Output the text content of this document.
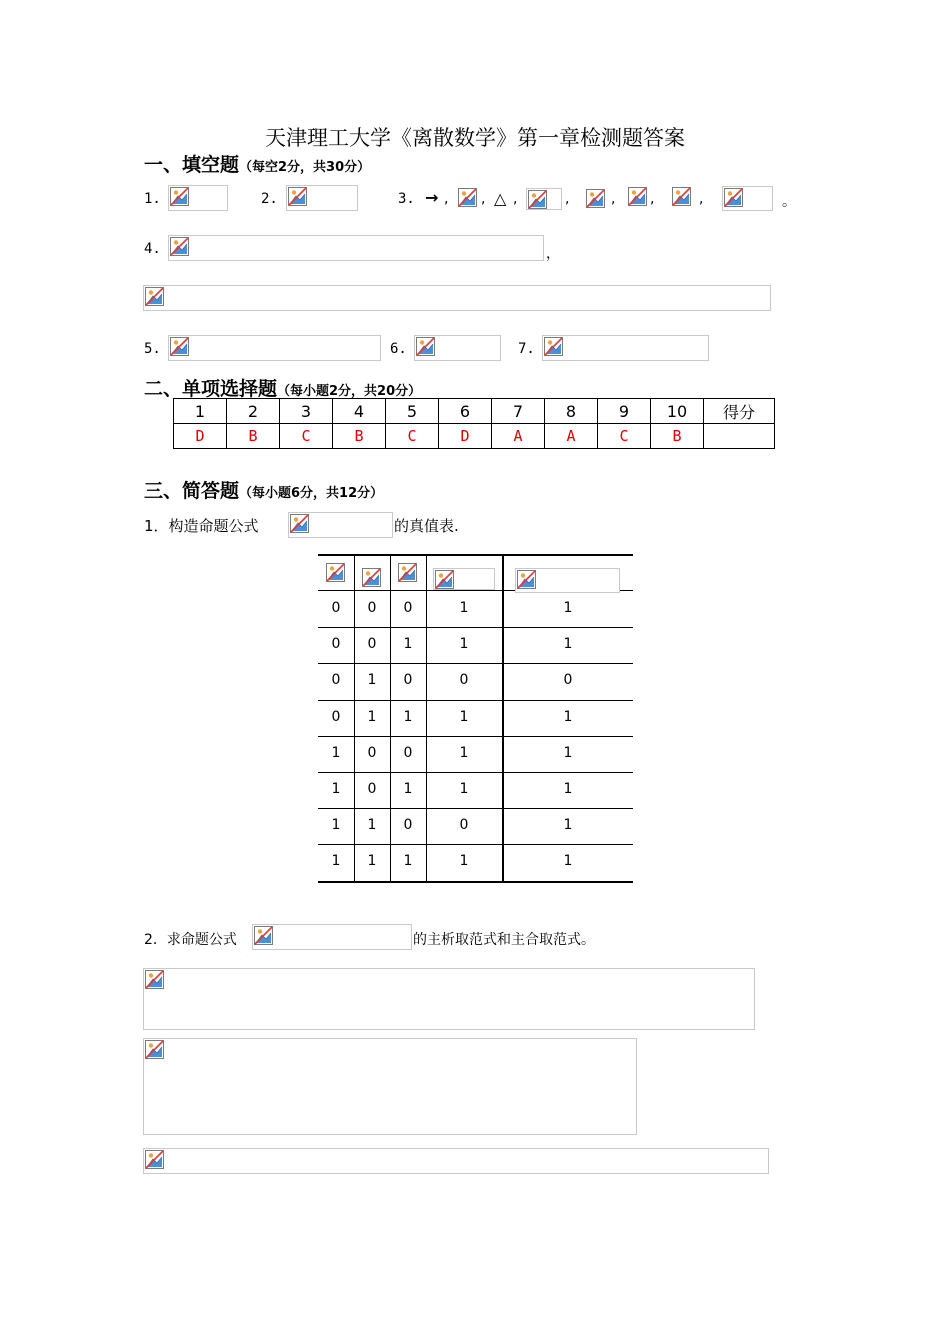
天津理工大学《离散数学》第一章检测题答案
一、填空题（每空2分，共30分）
1.	2.	3. → , , △ ,	,	, ,	,	。
4.	，
5.	6.	7.
二、单项选择题（每小题2分，共20分）
1	2	3	4	5	6	7	8	9	10	得分
D	B	C	B	C	D	A	A	C	B	
三、简答题（每小题6分，共12分）
1．构造命题公式	的真值表.
0	0	0	1	1
0	0	1	1	1
0	1	0	0	0
0	1	1	1	1
1	0	0	1	1
1	0	1	1	1
1	1	0	0	1
1	1	1	1	1
2．求命题公式	的主析取范式和主合取范式。
